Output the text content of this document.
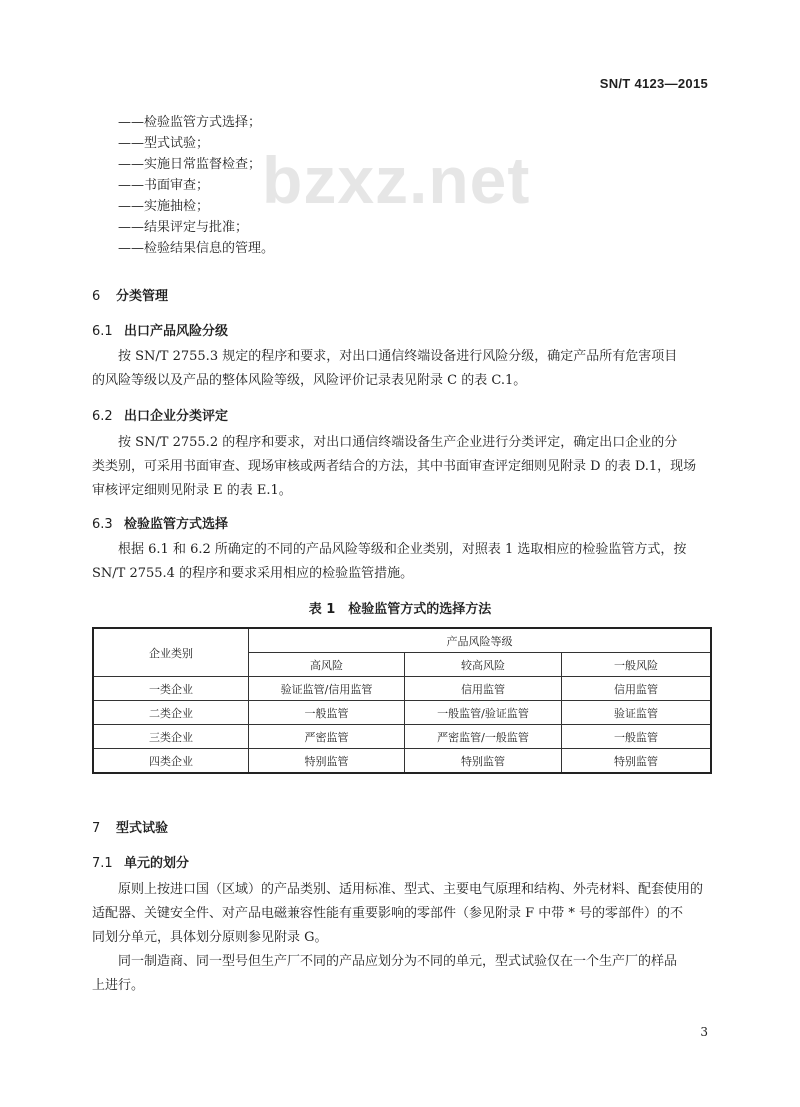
SN/T 4123—2015
bzxz.net
——检验监管方式选择；
——型式试验；
——实施日常监督检查；
——书面审查；
——实施抽检；
——结果评定与批准；
——检验结果信息的管理。
6 分类管理
6.1 出口产品风险分级
按 SN/T 2755.3 规定的程序和要求，对出口通信终端设备进行风险分级，确定产品所有危害项目
的风险等级以及产品的整体风险等级，风险评价记录表见附录 C 的表 C.1。
6.2 出口企业分类评定
按 SN/T 2755.2 的程序和要求，对出口通信终端设备生产企业进行分类评定，确定出口企业的分
类类别，可采用书面审查、现场审核或两者结合的方法，其中书面审查评定细则见附录 D 的表 D.1，现场
审核评定细则见附录 E 的表 E.1。
6.3 检验监管方式选择
根据 6.1 和 6.2 所确定的不同的产品风险等级和企业类别，对照表 1 选取相应的检验监管方式，按
SN/T 2755.4 的程序和要求采用相应的检验监管措施。
表 1　检验监管方式的选择方法
企业类别	产品风险等级		
	高风险	较高风险	一般风险
一类企业	验证监管/信用监管	信用监管	信用监管
二类企业	一般监管	一般监管/验证监管	验证监管
三类企业	严密监管	严密监管/一般监管	一般监管
四类企业	特别监管	特别监管	特别监管
7 型式试验
7.1 单元的划分
原则上按进口国（区域）的产品类别、适用标准、型式、主要电气原理和结构、外壳材料、配套使用的
适配器、关键安全件、对产品电磁兼容性能有重要影响的零部件（参见附录 F 中带 * 号的零部件）的不
同划分单元，具体划分原则参见附录 G。
同一制造商、同一型号但生产厂不同的产品应划分为不同的单元，型式试验仅在一个生产厂的样品
上进行。
3
